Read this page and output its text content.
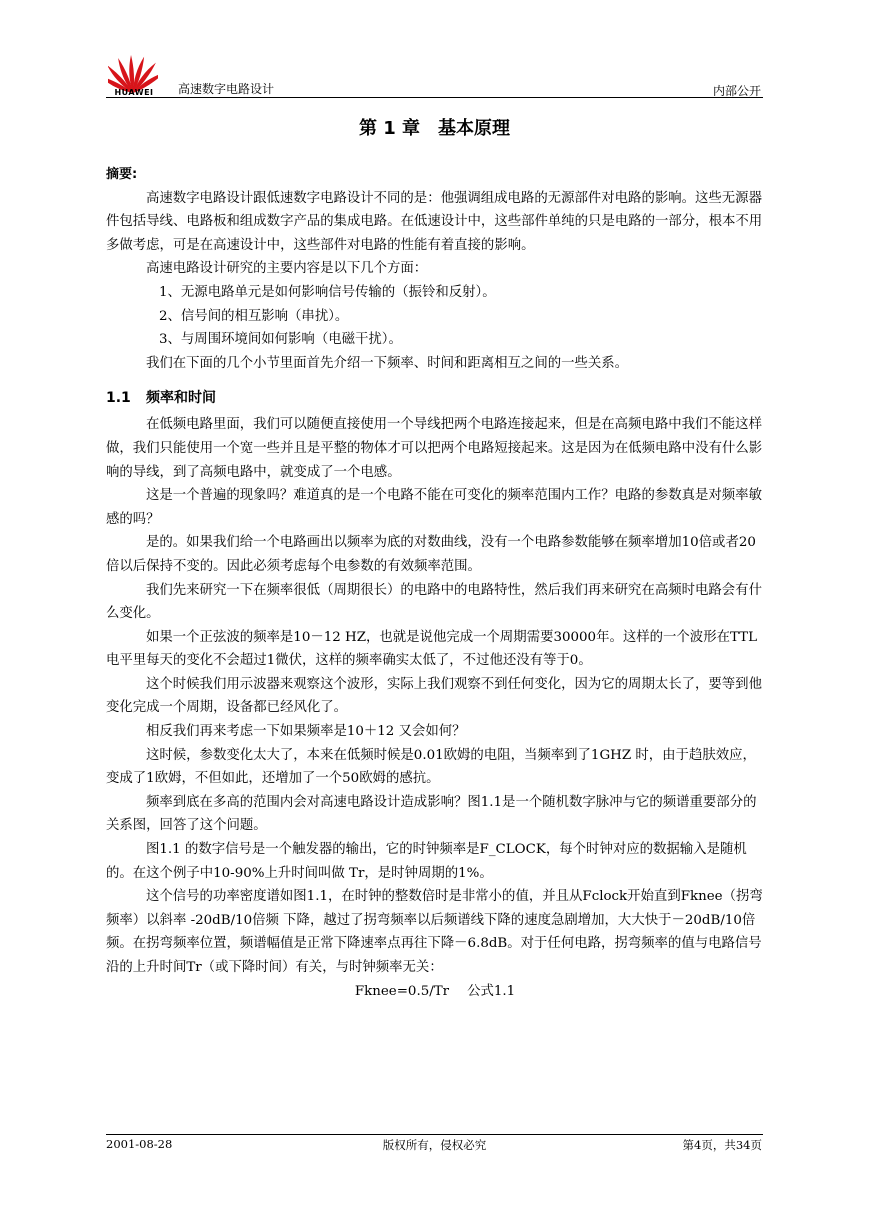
HUAWEI	高速数字电路设计	内部公开
第 1 章　基本原理

摘要:

高速数字电路设计跟低速数字电路设计不同的是：他强调组成电路的无源部件对电路的影响。这些无源器件包括导线、电路板和组成数字产品的集成电路。在低速设计中，这些部件单纯的只是电路的一部分，根本不用多做考虑，可是在高速设计中，这些部件对电路的性能有着直接的影响。

高速电路设计研究的主要内容是以下几个方面：

1、无源电路单元是如何影响信号传输的（振铃和反射）。

2、信号间的相互影响（串扰）。

3、与周围环境间如何影响（电磁干扰）。

我们在下面的几个小节里面首先介绍一下频率、时间和距离相互之间的一些关系。

1.1 频率和时间

在低频电路里面，我们可以随便直接使用一个导线把两个电路连接起来，但是在高频电路中我们不能这样做，我们只能使用一个宽一些并且是平整的物体才可以把两个电路短接起来。这是因为在低频电路中没有什么影响的导线，到了高频电路中，就变成了一个电感。

这是一个普遍的现象吗？难道真的是一个电路不能在可变化的频率范围内工作？电路的参数真是对频率敏感的吗？

是的。如果我们给一个电路画出以频率为底的对数曲线，没有一个电路参数能够在频率增加10倍或者20倍以后保持不变的。因此必须考虑每个电参数的有效频率范围。

我们先来研究一下在频率很低（周期很长）的电路中的电路特性，然后我们再来研究在高频时电路会有什么变化。

如果一个正弦波的频率是10－12 HZ，也就是说他完成一个周期需要30000年。这样的一个波形在TTL电平里每天的变化不会超过1微伏，这样的频率确实太低了，不过他还没有等于0。

这个时候我们用示波器来观察这个波形，实际上我们观察不到任何变化，因为它的周期太长了，要等到他变化完成一个周期，设备都已经风化了。

相反我们再来考虑一下如果频率是10＋12 又会如何？

这时候，参数变化太大了，本来在低频时候是0.01欧姆的电阻，当频率到了1GHZ 时，由于趋肤效应，变成了1欧姆，不但如此，还增加了一个50欧姆的感抗。

频率到底在多高的范围内会对高速电路设计造成影响？图1.1是一个随机数字脉冲与它的频谱重要部分的关系图，回答了这个问题。

图1.1 的数字信号是一个触发器的输出，它的时钟频率是F_CLOCK，每个时钟对应的数据输入是随机的。在这个例子中10-90%上升时间叫做 Tr，是时钟周期的1%。

这个信号的功率密度谱如图1.1，在时钟的整数倍时是非常小的值，并且从Fclock开始直到Fknee（拐弯频率）以斜率 -20dB/10倍频 下降，越过了拐弯频率以后频谱线下降的速度急剧增加，大大快于－20dB/10倍频。在拐弯频率位置，频谱幅值是正常下降速率点再往下降－6.8dB。对于任何电路，拐弯频率的值与电路信号沿的上升时间Tr（或下降时间）有关，与时钟频率无关：

Fknee=0.5/Tr 公式1.1

2001-08-28	版权所有，侵权必究	第4页，共34页
